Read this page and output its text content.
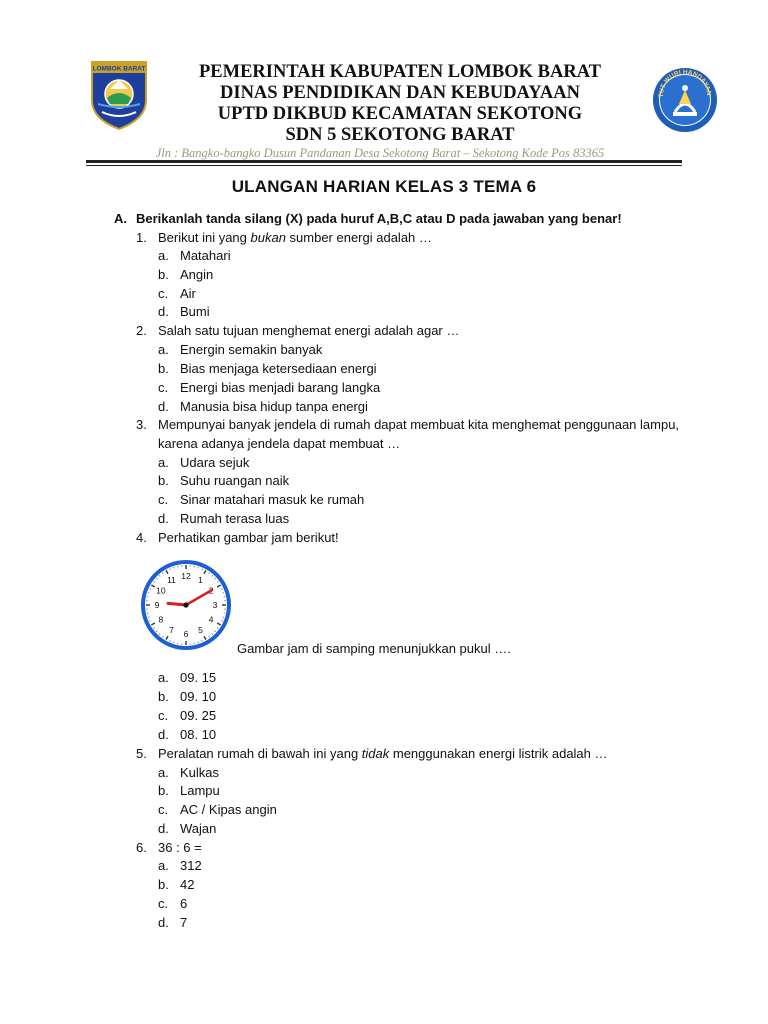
LOMBOK BARAT
TUT WURI HANDAYAN
PEMERINTAH KABUPATEN LOMBOK BARAT
DINAS PENDIDIKAN DAN KEBUDAYAAN
UPTD DIKBUD KECAMATAN SEKOTONG
SDN 5 SEKOTONG BARAT
Jln : Bangko-bangko Dusun Pandanan Desa Sekotong Barat – Sekotong Kode Pos 83365
ULANGAN HARIAN KELAS 3 TEMA 6
A. Berikanlah tanda silang (X) pada huruf A,B,C atau D pada jawaban yang benar!
1. Berikut ini yang bukan sumber energi adalah …
a. Matahari
b. Angin
c. Air
d. Bumi
2. Salah satu tujuan menghemat energi adalah agar …
a. Energin semakin banyak
b. Bias menjaga ketersediaan energi
c. Energi bias menjadi barang langka
d. Manusia bisa hidup tanpa energi
3. Mempunyai banyak jendela di rumah dapat membuat kita menghemat penggunaan lampu,
karena adanya jendela dapat membuat …
a. Udara sejuk
b. Suhu ruangan naik
c. Sinar matahari masuk ke rumah
d. Rumah terasa luas
4. Perhatikan gambar jam berikut!
12 1
3
4
5
6
7
8
9
10
11
Gambar jam di samping menunjukkan pukul ….
a. 09. 15
b. 09. 10
c. 09. 25
d. 08. 10
5. Peralatan rumah di bawah ini yang tidak menggunakan energi listrik adalah …
a. Kulkas
b. Lampu
c. AC / Kipas angin
d. Wajan
6. 36 : 6 =
a. 312
b. 42
c. 6
d. 7
